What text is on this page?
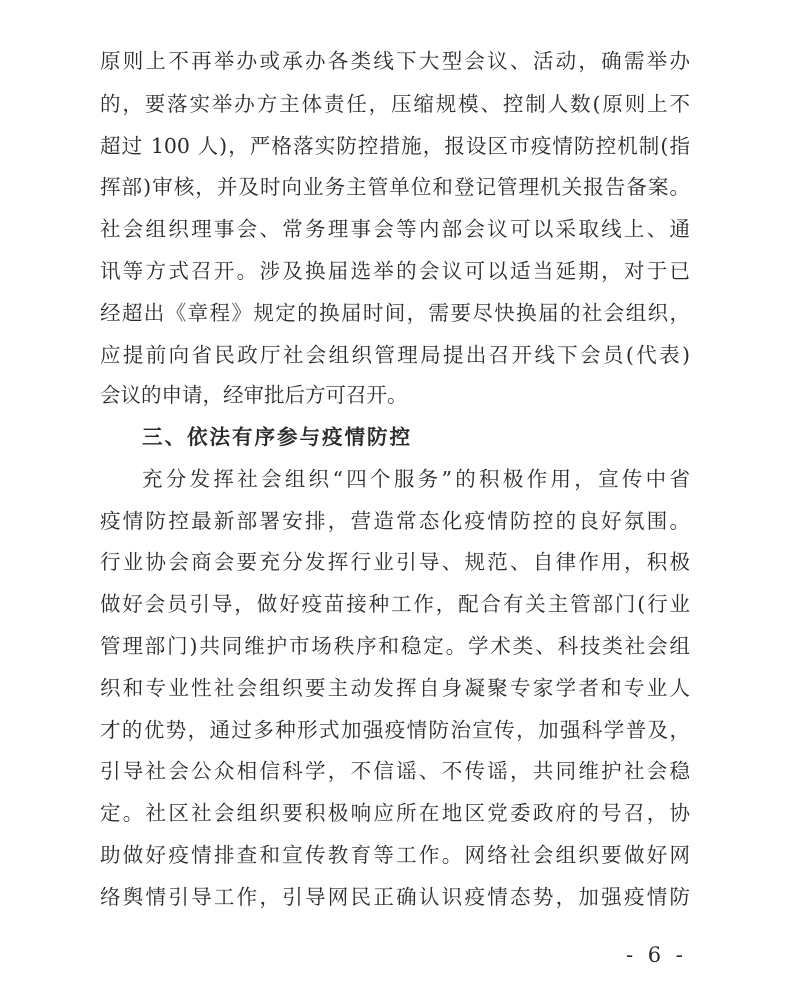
原则上不再举办或承办各类线下大型会议、活动，确需举办
的，要落实举办方主体责任，压缩规模、控制人数(原则上不
超过 100 人)，严格落实防控措施，报设区市疫情防控机制(指
挥部)审核，并及时向业务主管单位和登记管理机关报告备案。
社会组织理事会、常务理事会等内部会议可以采取线上、通
讯等方式召开。涉及换届选举的会议可以适当延期，对于已
经超出《章程》规定的换届时间，需要尽快换届的社会组织，
应提前向省民政厅社会组织管理局提出召开线下会员(代表)
会议的申请，经审批后方可召开。
三、依法有序参与疫情防控
充分发挥社会组织“四个服务”的积极作用，宣传中省
疫情防控最新部署安排，营造常态化疫情防控的良好氛围。
行业协会商会要充分发挥行业引导、规范、自律作用，积极
做好会员引导，做好疫苗接种工作，配合有关主管部门(行业
管理部门)共同维护市场秩序和稳定。学术类、科技类社会组
织和专业性社会组织要主动发挥自身凝聚专家学者和专业人
才的优势，通过多种形式加强疫情防治宣传，加强科学普及，
引导社会公众相信科学，不信谣、不传谣，共同维护社会稳
定。社区社会组织要积极响应所在地区党委政府的号召，协
助做好疫情排查和宣传教育等工作。网络社会组织要做好网
络舆情引导工作，引导网民正确认识疫情态势，加强疫情防
- 6 -
